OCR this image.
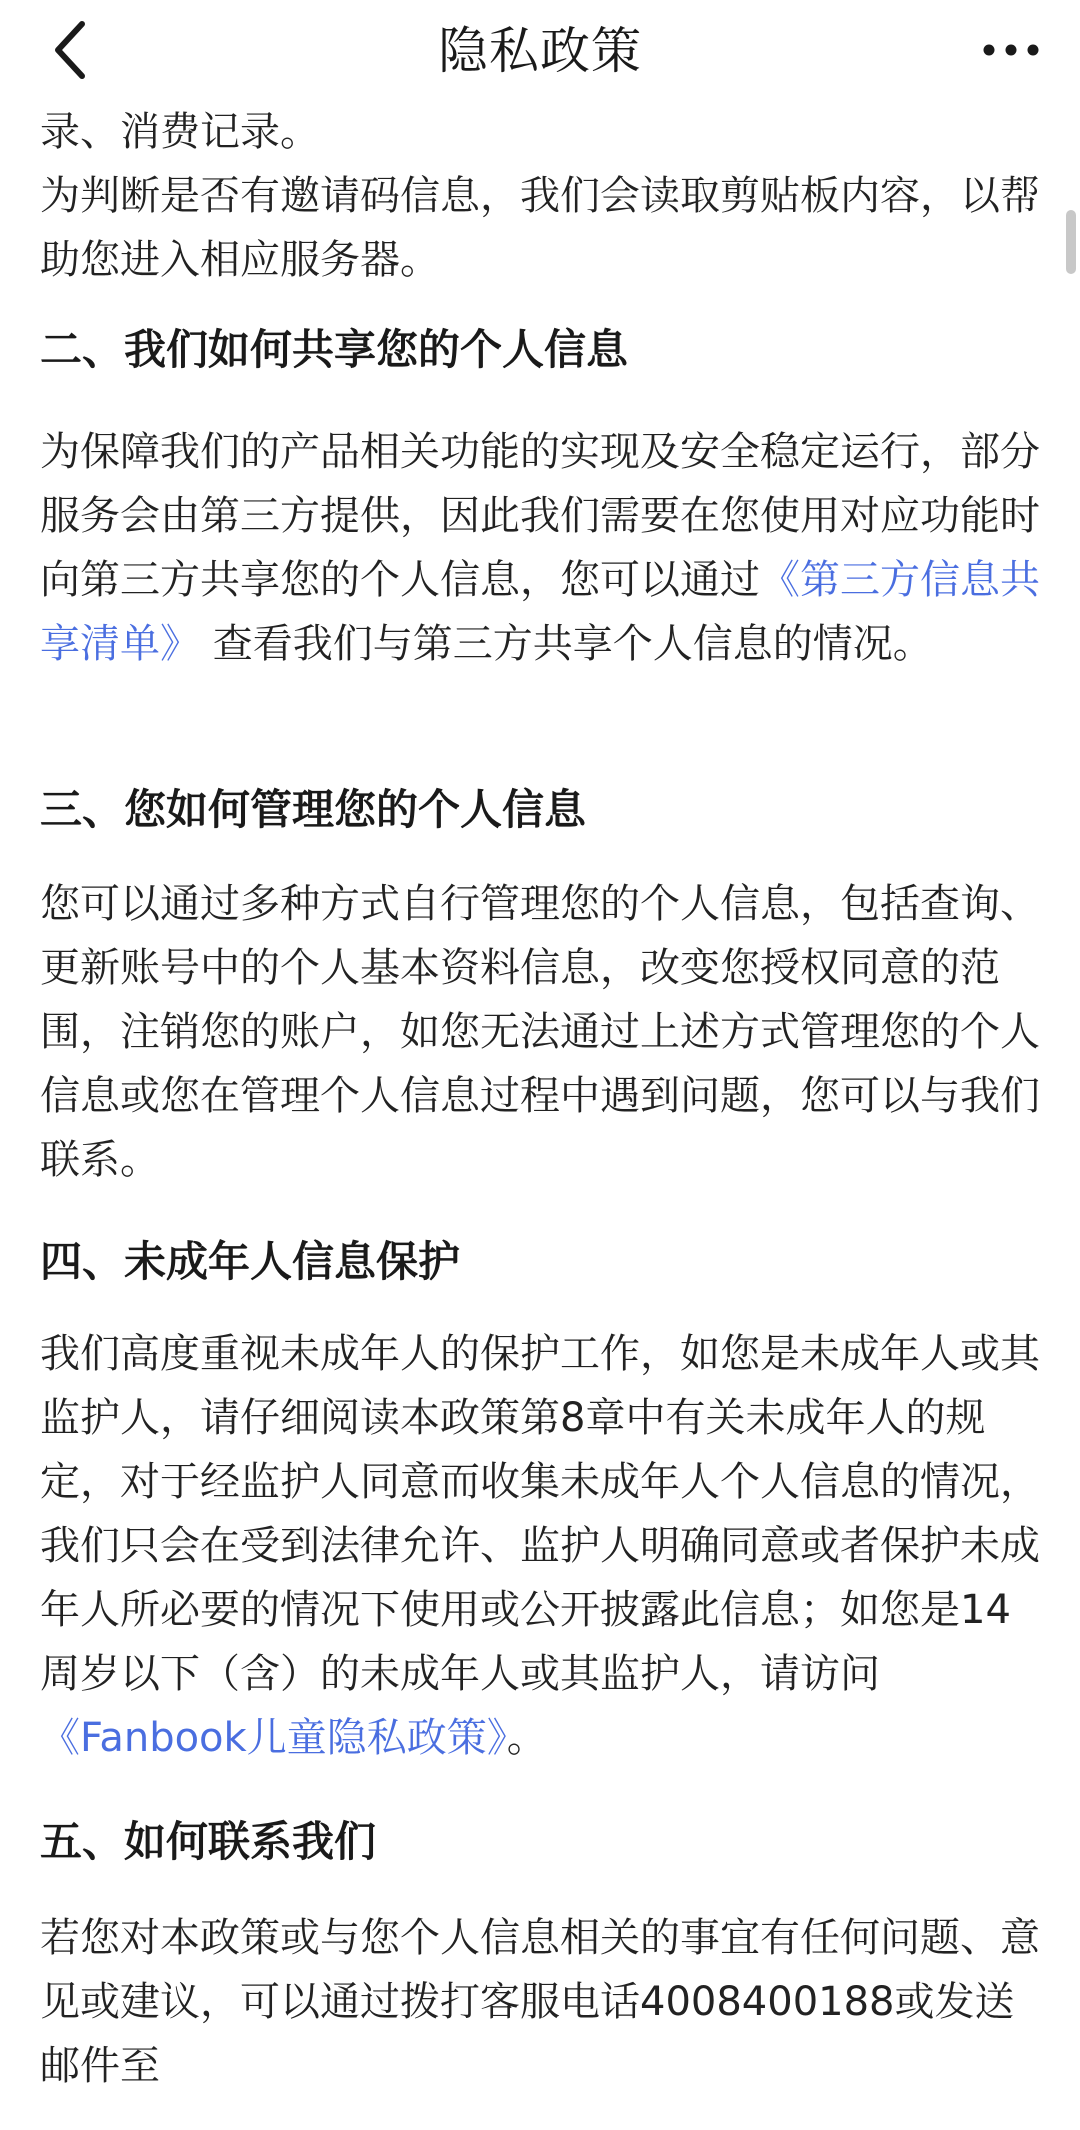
隐私政策

录、消费记录。

为判断是否有邀请码信息，我们会读取剪贴板内容，以帮助您进入相应服务器。

二、我们如何共享您的个人信息

为保障我们的产品相关功能的实现及安全稳定运行，部分服务会由第三方提供，因此我们需要在您使用对应功能时向第三方共享您的个人信息，您可以通过《第三方信息共享清单》 查看我们与第三方共享个人信息的情况。

三、您如何管理您的个人信息

您可以通过多种方式自行管理您的个人信息，包括查询、更新账号中的个人基本资料信息，改变您授权同意的范围，注销您的账户，如您无法通过上述方式管理您的个人信息或您在管理个人信息过程中遇到问题，您可以与我们联系。

四、未成年人信息保护

我们高度重视未成年人的保护工作，如您是未成年人或其监护人，请仔细阅读本政策第8章中有关未成年人的规定，对于经监护人同意而收集未成年人个人信息的情况，我们只会在受到法律允许、监护人明确同意或者保护未成年人所必要的情况下使用或公开披露此信息；如您是14周岁以下（含）的未成年人或其监护人，请访问《Fanbook儿童隐私政策》。

五、如何联系我们

若您对本政策或与您个人信息相关的事宜有任何问题、意见或建议，可以通过拨打客服电话4008400188或发送邮件至
